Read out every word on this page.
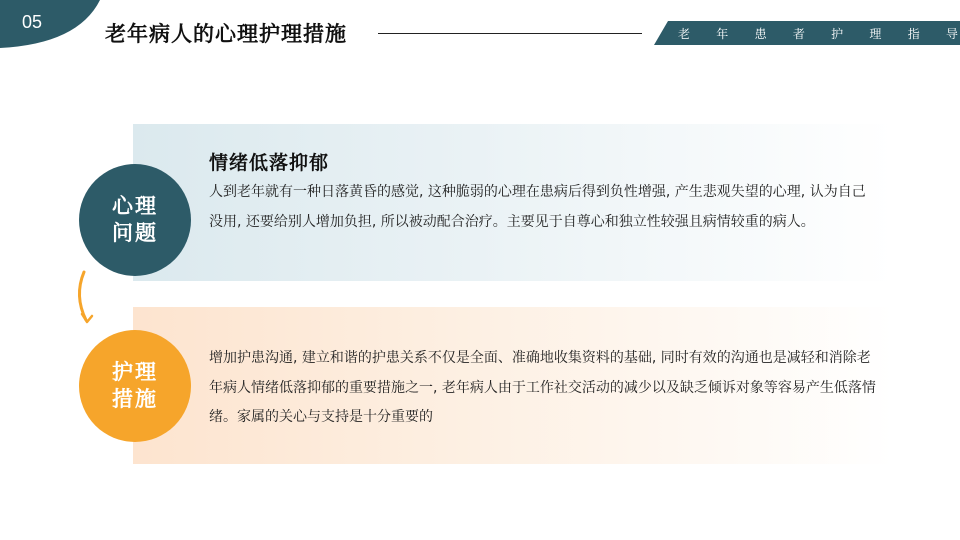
05	老年病人的心理护理措施	老 年 患 者 护 理 指 导
心理
问题
护理
措施
情绪低落抑郁
人到老年就有一种日落黄昏的感觉, 这种脆弱的心理在患病后得到负性增强, 产生悲观失望的心理, 认为自己没用, 还要给别人增加负担, 所以被动配合治疗。主要见于自尊心和独立性较强且病情较重的病人。
增加护患沟通, 建立和谐的护患关系不仅是全面、准确地收集资料的基础, 同时有效的沟通也是减轻和消除老年病人情绪低落抑郁的重要措施之一, 老年病人由于工作社交活动的减少以及缺乏倾诉对象等容易产生低落情绪。家属的关心与支持是十分重要的
